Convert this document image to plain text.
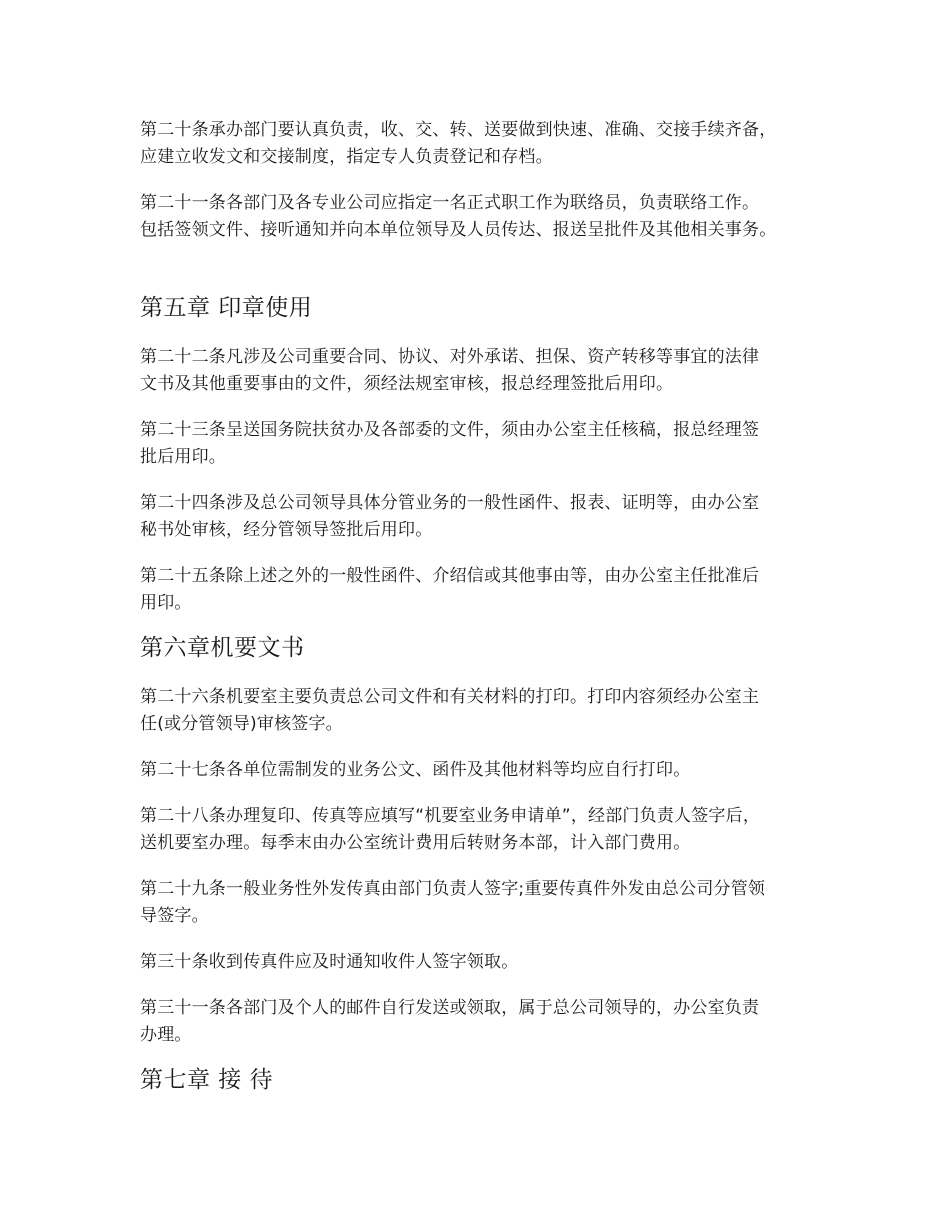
第二十条承办部门要认真负责，收、交、转、送要做到快速、准确、交接手续齐备，

应建立收发文和交接制度，指定专人负责登记和存档。

第二十一条各部门及各专业公司应指定一名正式职工作为联络员，负责联络工作。

包括签领文件、接听通知并向本单位领导及人员传达、报送呈批件及其他相关事务。

第五章 印章使用

第二十二条凡涉及公司重要合同、协议、对外承诺、担保、资产转移等事宜的法律

文书及其他重要事由的文件，须经法规室审核，报总经理签批后用印。

第二十三条呈送国务院扶贫办及各部委的文件，须由办公室主任核稿，报总经理签

批后用印。

第二十四条涉及总公司领导具体分管业务的一般性函件、报表、证明等，由办公室

秘书处审核，经分管领导签批后用印。

第二十五条除上述之外的一般性函件、介绍信或其他事由等，由办公室主任批准后

用印。

第六章机要文书

第二十六条机要室主要负责总公司文件和有关材料的打印。打印内容须经办公室主

任(或分管领导)审核签字。

第二十七条各单位需制发的业务公文、函件及其他材料等均应自行打印。

第二十八条办理复印、传真等应填写“机要室业务申请单”，经部门负责人签字后，

送机要室办理。每季末由办公室统计费用后转财务本部，计入部门费用。

第二十九条一般业务性外发传真由部门负责人签字;重要传真件外发由总公司分管领

导签字。

第三十条收到传真件应及时通知收件人签字领取。

第三十一条各部门及个人的邮件自行发送或领取，属于总公司领导的，办公室负责

办理。

第七章 接 待
